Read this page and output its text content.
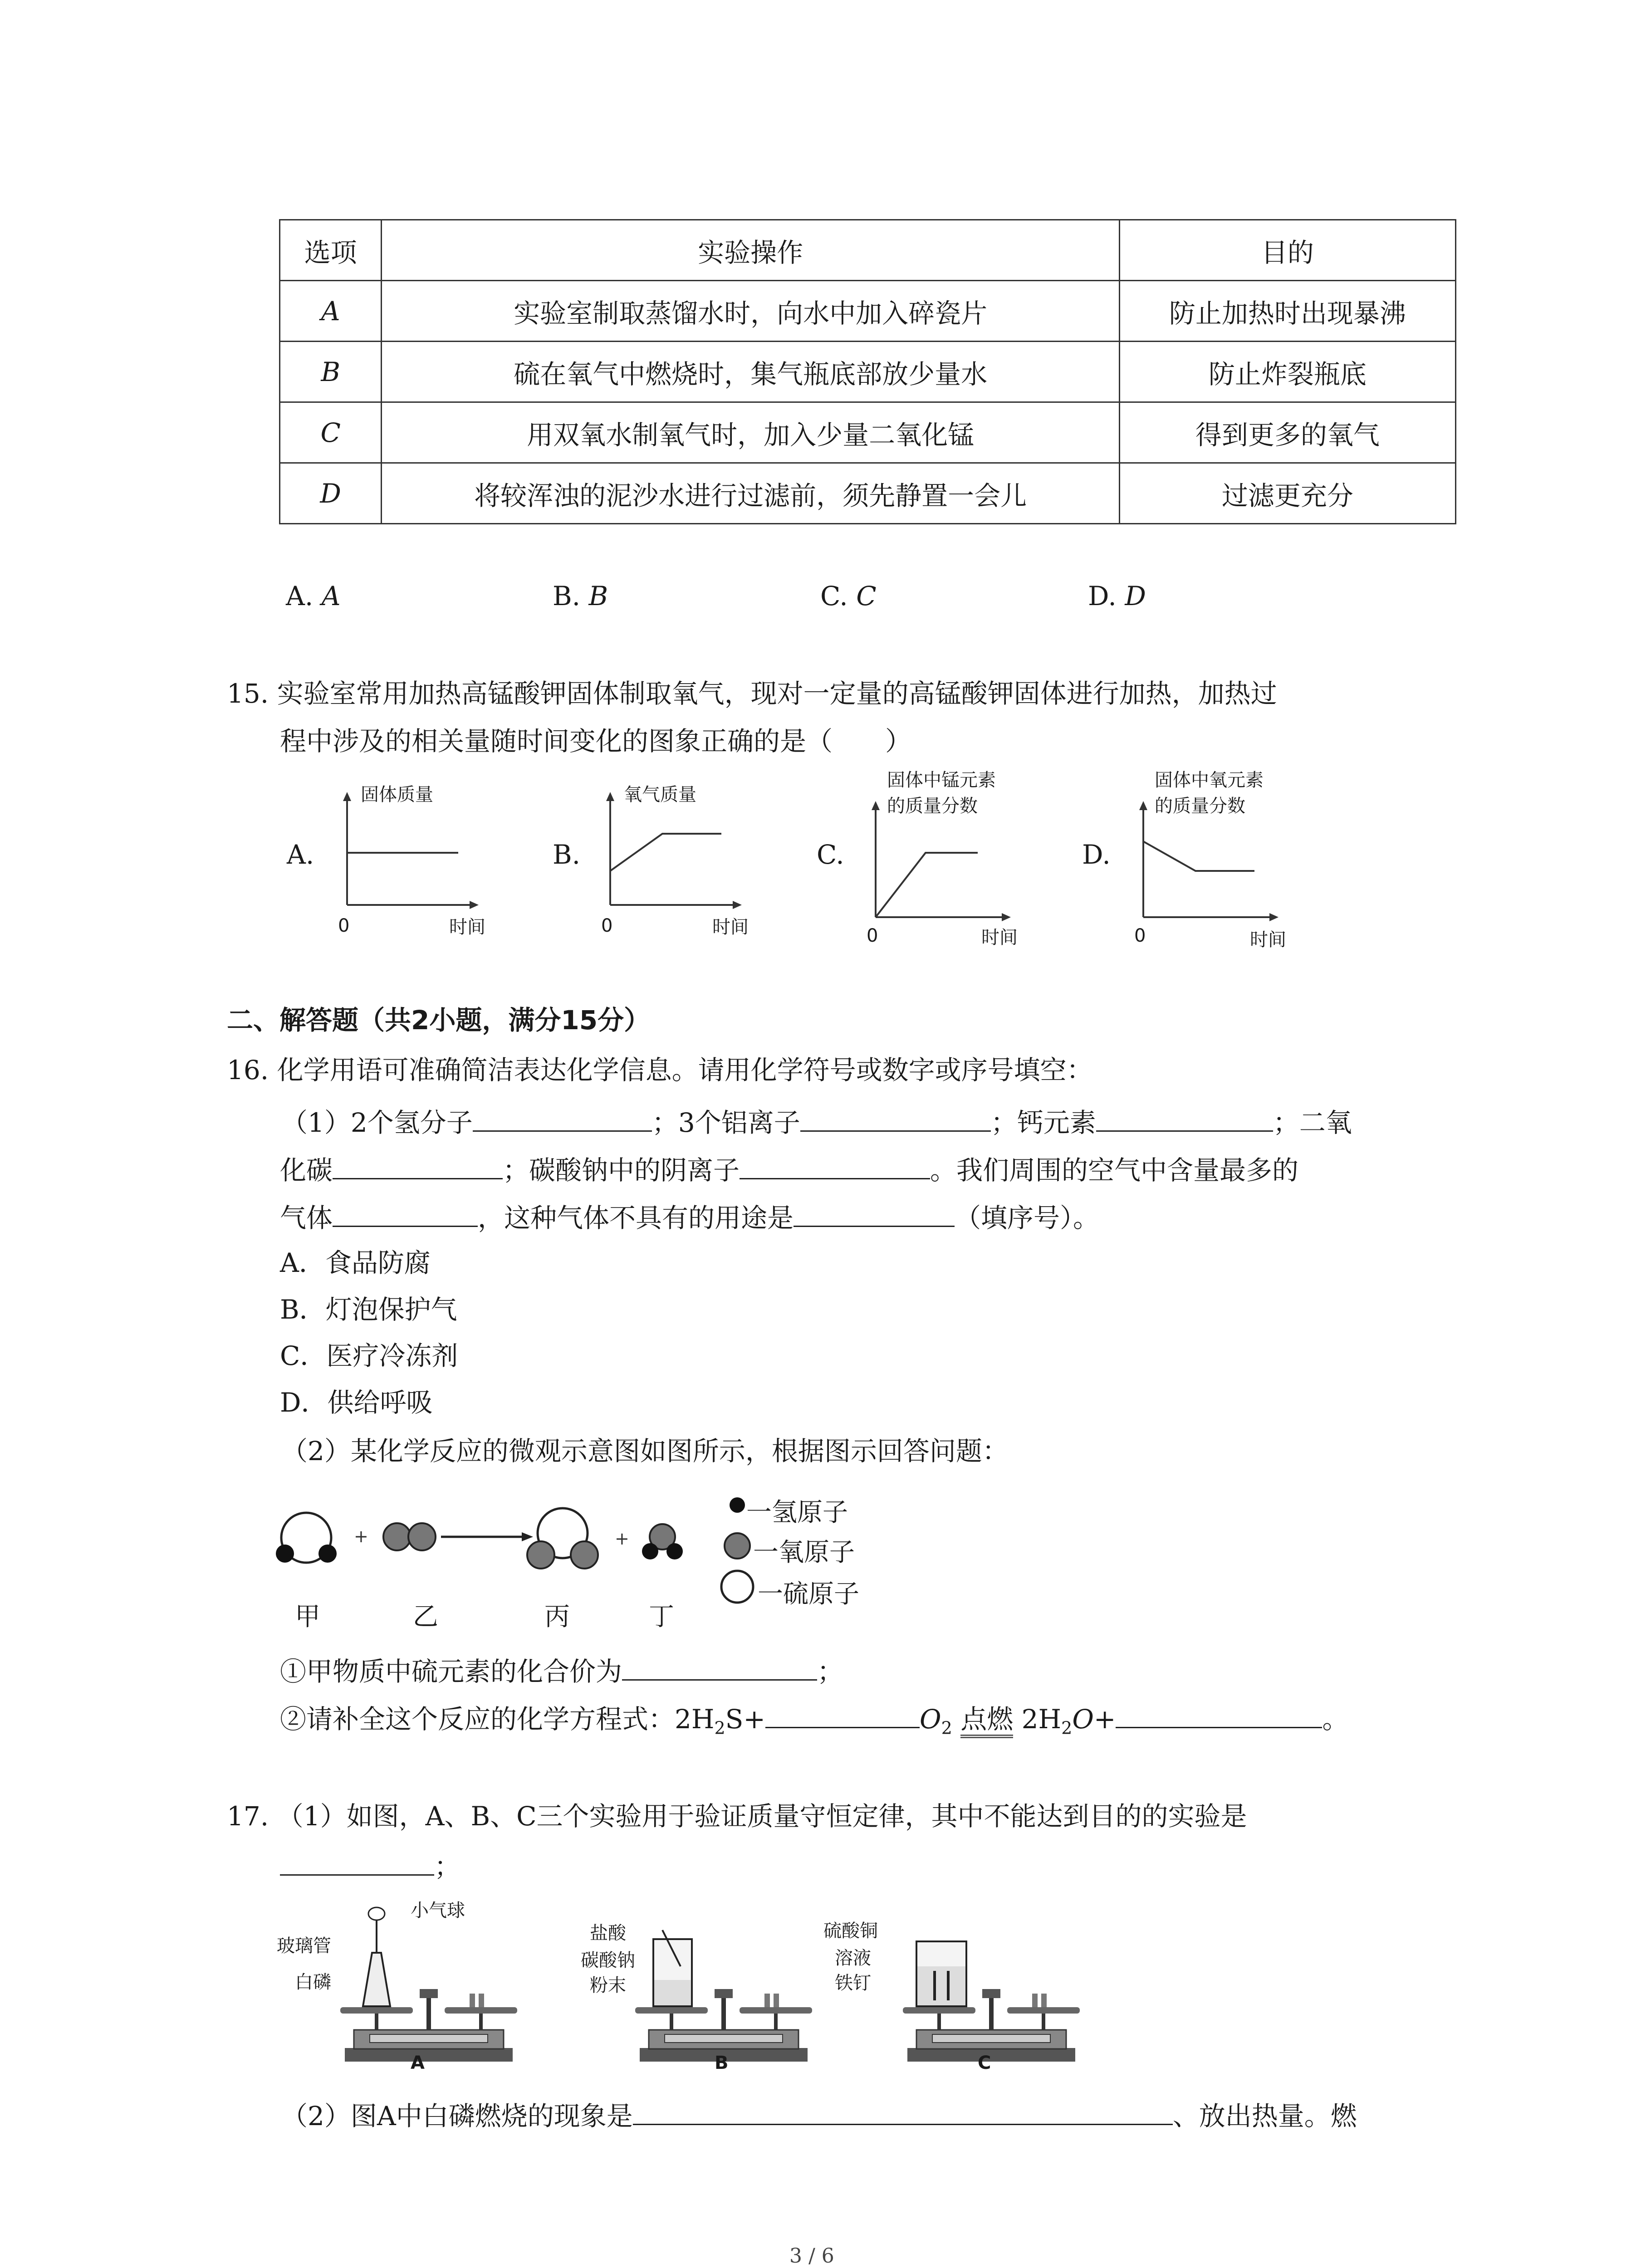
选项	实验操作	目的
A	实验室制取蒸馏水时，向水中加入碎瓷片	防止加热时出现暴沸
B	硫在氧气中燃烧时，集气瓶底部放少量水	防止炸裂瓶底
C	用双氧水制氧气时，加入少量二氧化锰	得到更多的氧气
D	将较浑浊的泥沙水进行过滤前，须先静置一会儿	过滤更充分
A. A	B. B	C. C	D. D
15. 实验室常用加热高锰酸钾固体制取氧气，现对一定量的高锰酸钾固体进行加热，加热过
程中涉及的相关量随时间变化的图象正确的是（　　）
A.
固体质量
0	时间
B.
氧气质量
0	时间
C.
固体中锰元素
的质量分数
0	时间
D.
固体中氧元素
的质量分数
0	时间
二、解答题（共2小题，满分15分）
16. 化学用语可准确简洁表达化学信息。请用化学符号或数字或序号填空：
（1）2个氢分子	；3个铝离子	；钙元素	；二氧
化碳	；碳酸钠中的阴离子	。我们周围的空气中含量最多的
气体	，这种气体不具有的用途是	（填序号）。
A．食品防腐
B．灯泡保护气
C．医疗冷冻剂
D．供给呼吸
（2）某化学反应的微观示意图如图所示，根据图示回答问题：
+	+
一氢原子
一氧原子
一硫原子
甲	乙	丙	丁
①甲物质中硫元素的化合价为	；
②请补全这个反应的化学方程式：$2H_2S+$	$O_2$ 点燃 $2H_2O+$	。
17. （1）如图，A、B、C三个实验用于验证质量守恒定律，其中不能达到目的的实验是
；
玻璃管
白磷
小气球
A
盐酸
碳酸钠
粉末
B
硫酸铜
溶液
铁钉
C
（2）图A中白磷燃烧的现象是	、放出热量。燃
3 / 6
